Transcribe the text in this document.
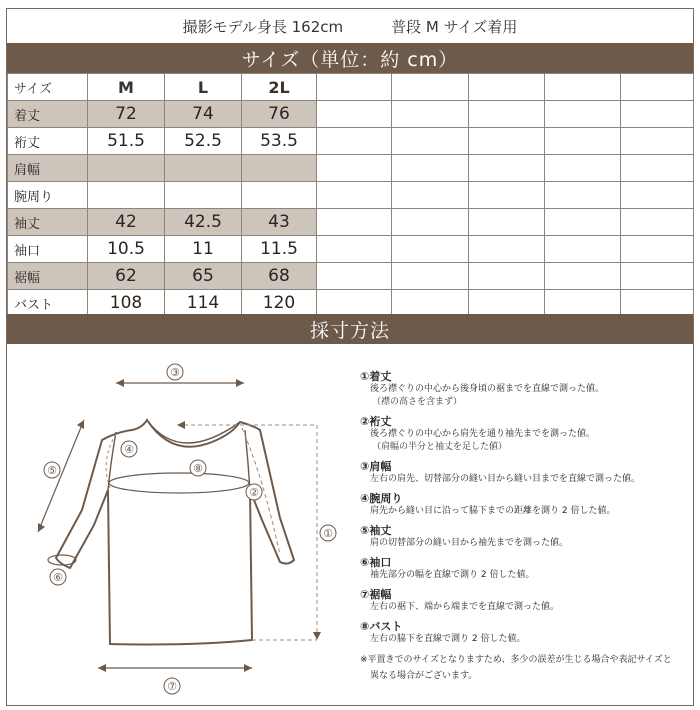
撮影モデル身長 162cm	普段 M サイズ着用
サイズ（単位：約 cm）
サイズ	M	L	2L					
着丈	72	74	76					
裄丈	51.5	52.5	53.5					
肩幅								
腕周り								
袖丈	42	42.5	43					
袖口	10.5	11	11.5					
裾幅	62	65	68					
バスト	108	114	120					
採寸方法
③
①
②
④
⑧
⑤
⑥
⑦
①着丈
後ろ襟ぐりの中心から後身頃の裾までを直線で測った値。
（襟の高さを含まず）
②裄丈
後ろ襟ぐりの中心から肩先を通り袖先までを測った値。
（肩幅の半分と袖丈を足した値）
③肩幅
左右の肩先、切替部分の縫い目から縫い目までを直線で測った値。
④腕周り
肩先から縫い目に沿って脇下までの距離を測り 2 倍した値。
⑤袖丈
肩の切替部分の縫い目から袖先までを測った値。
⑥袖口
袖先部分の幅を直線で測り 2 倍した値。
⑦裾幅
左右の裾下、端から端までを直線で測った値。
⑧バスト
左右の脇下を直線で測り 2 倍した値。
※平置きでのサイズとなりますため、多少の誤差が生じる場合や表記サイズと
異なる場合がございます。
